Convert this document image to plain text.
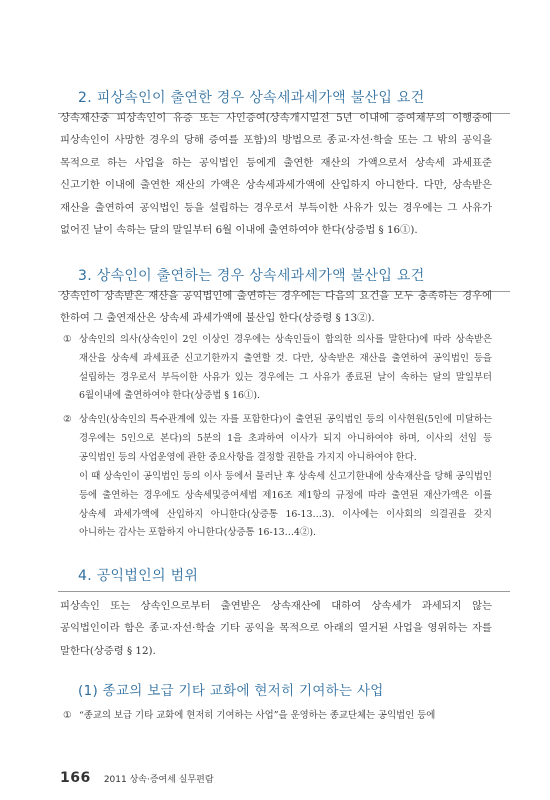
2. 피상속인이 출연한 경우 상속세과세가액 불산입 요건

상속재산중 피상속인이 유증 또는 사인증여(상속개시일전 5년 이내에 증여채무의 이행중에 피상속인이 사망한 경우의 당해 증여를 포함)의 방법으로 종교·자선·학술 또는 그 밖의 공익을 목적으로 하는 사업을 하는 공익법인 등에게 출연한 재산의 가액으로서 상속세 과세표준 신고기한 이내에 출연한 재산의 가액은 상속세과세가액에 산입하지 아니한다. 다만, 상속받은 재산을 출연하여 공익법인 등을 설립하는 경우로서 부득이한 사유가 있는 경우에는 그 사유가 없어진 날이 속하는 달의 말일부터 6월 이내에 출연하여야 한다(상증법 § 16①).

3. 상속인이 출연하는 경우 상속세과세가액 불산입 요건

상속인이 상속받은 재산을 공익법인에 출연하는 경우에는 다음의 요건을 모두 충족하는 경우에 한하여 그 출연재산은 상속세 과세가액에 불산입 한다(상증령 § 13②).

① 상속인의 의사(상속인이 2인 이상인 경우에는 상속인들이 합의한 의사를 말한다)에 따라 상속받은 재산을 상속세 과세표준 신고기한까지 출연할 것. 다만, 상속받은 재산을 출연하여 공익법인 등을 설립하는 경우로서 부득이한 사유가 있는 경우에는 그 사유가 종료된 날이 속하는 달의 말일부터 6월이내에 출연하여야 한다(상증법 § 16①).
② 상속인(상속인의 특수관계에 있는 자를 포함한다)이 출연된 공익법인 등의 이사현원(5인에 미달하는 경우에는 5인으로 본다)의 5분의 1을 초과하여 이사가 되지 아니하여야 하며, 이사의 선임 등 공익법인 등의 사업운영에 관한 중요사항을 결정할 권한을 가지지 아니하여야 한다.
이 때 상속인이 공익법인 등의 이사 등에서 물러난 후 상속세 신고기한내에 상속재산을 당해 공익법인 등에 출연하는 경우에도 상속세및증여세법 제16조 제1항의 규정에 따라 출연된 재산가액은 이를 상속세 과세가액에 산입하지 아니한다(상증통 16-13…3). 이사에는 이사회의 의결권을 갖지 아니하는 감사는 포함하지 아니한다(상증통 16-13…4②).
4. 공익법인의 범위

피상속인 또는 상속인으로부터 출연받은 상속재산에 대하여 상속세가 과세되지 않는 공익법인이라 함은 종교·자선·학술 기타 공익을 목적으로 아래의 열거된 사업을 영위하는 자를 말한다(상증령 § 12).

(1) 종교의 보급 기타 교화에 현저히 기여하는 사업
① “종교의 보급 기타 교화에 현저히 기여하는 사업”을 운영하는 종교단체는 공익법인 등에
166 2011 상속·증여세 실무편람
